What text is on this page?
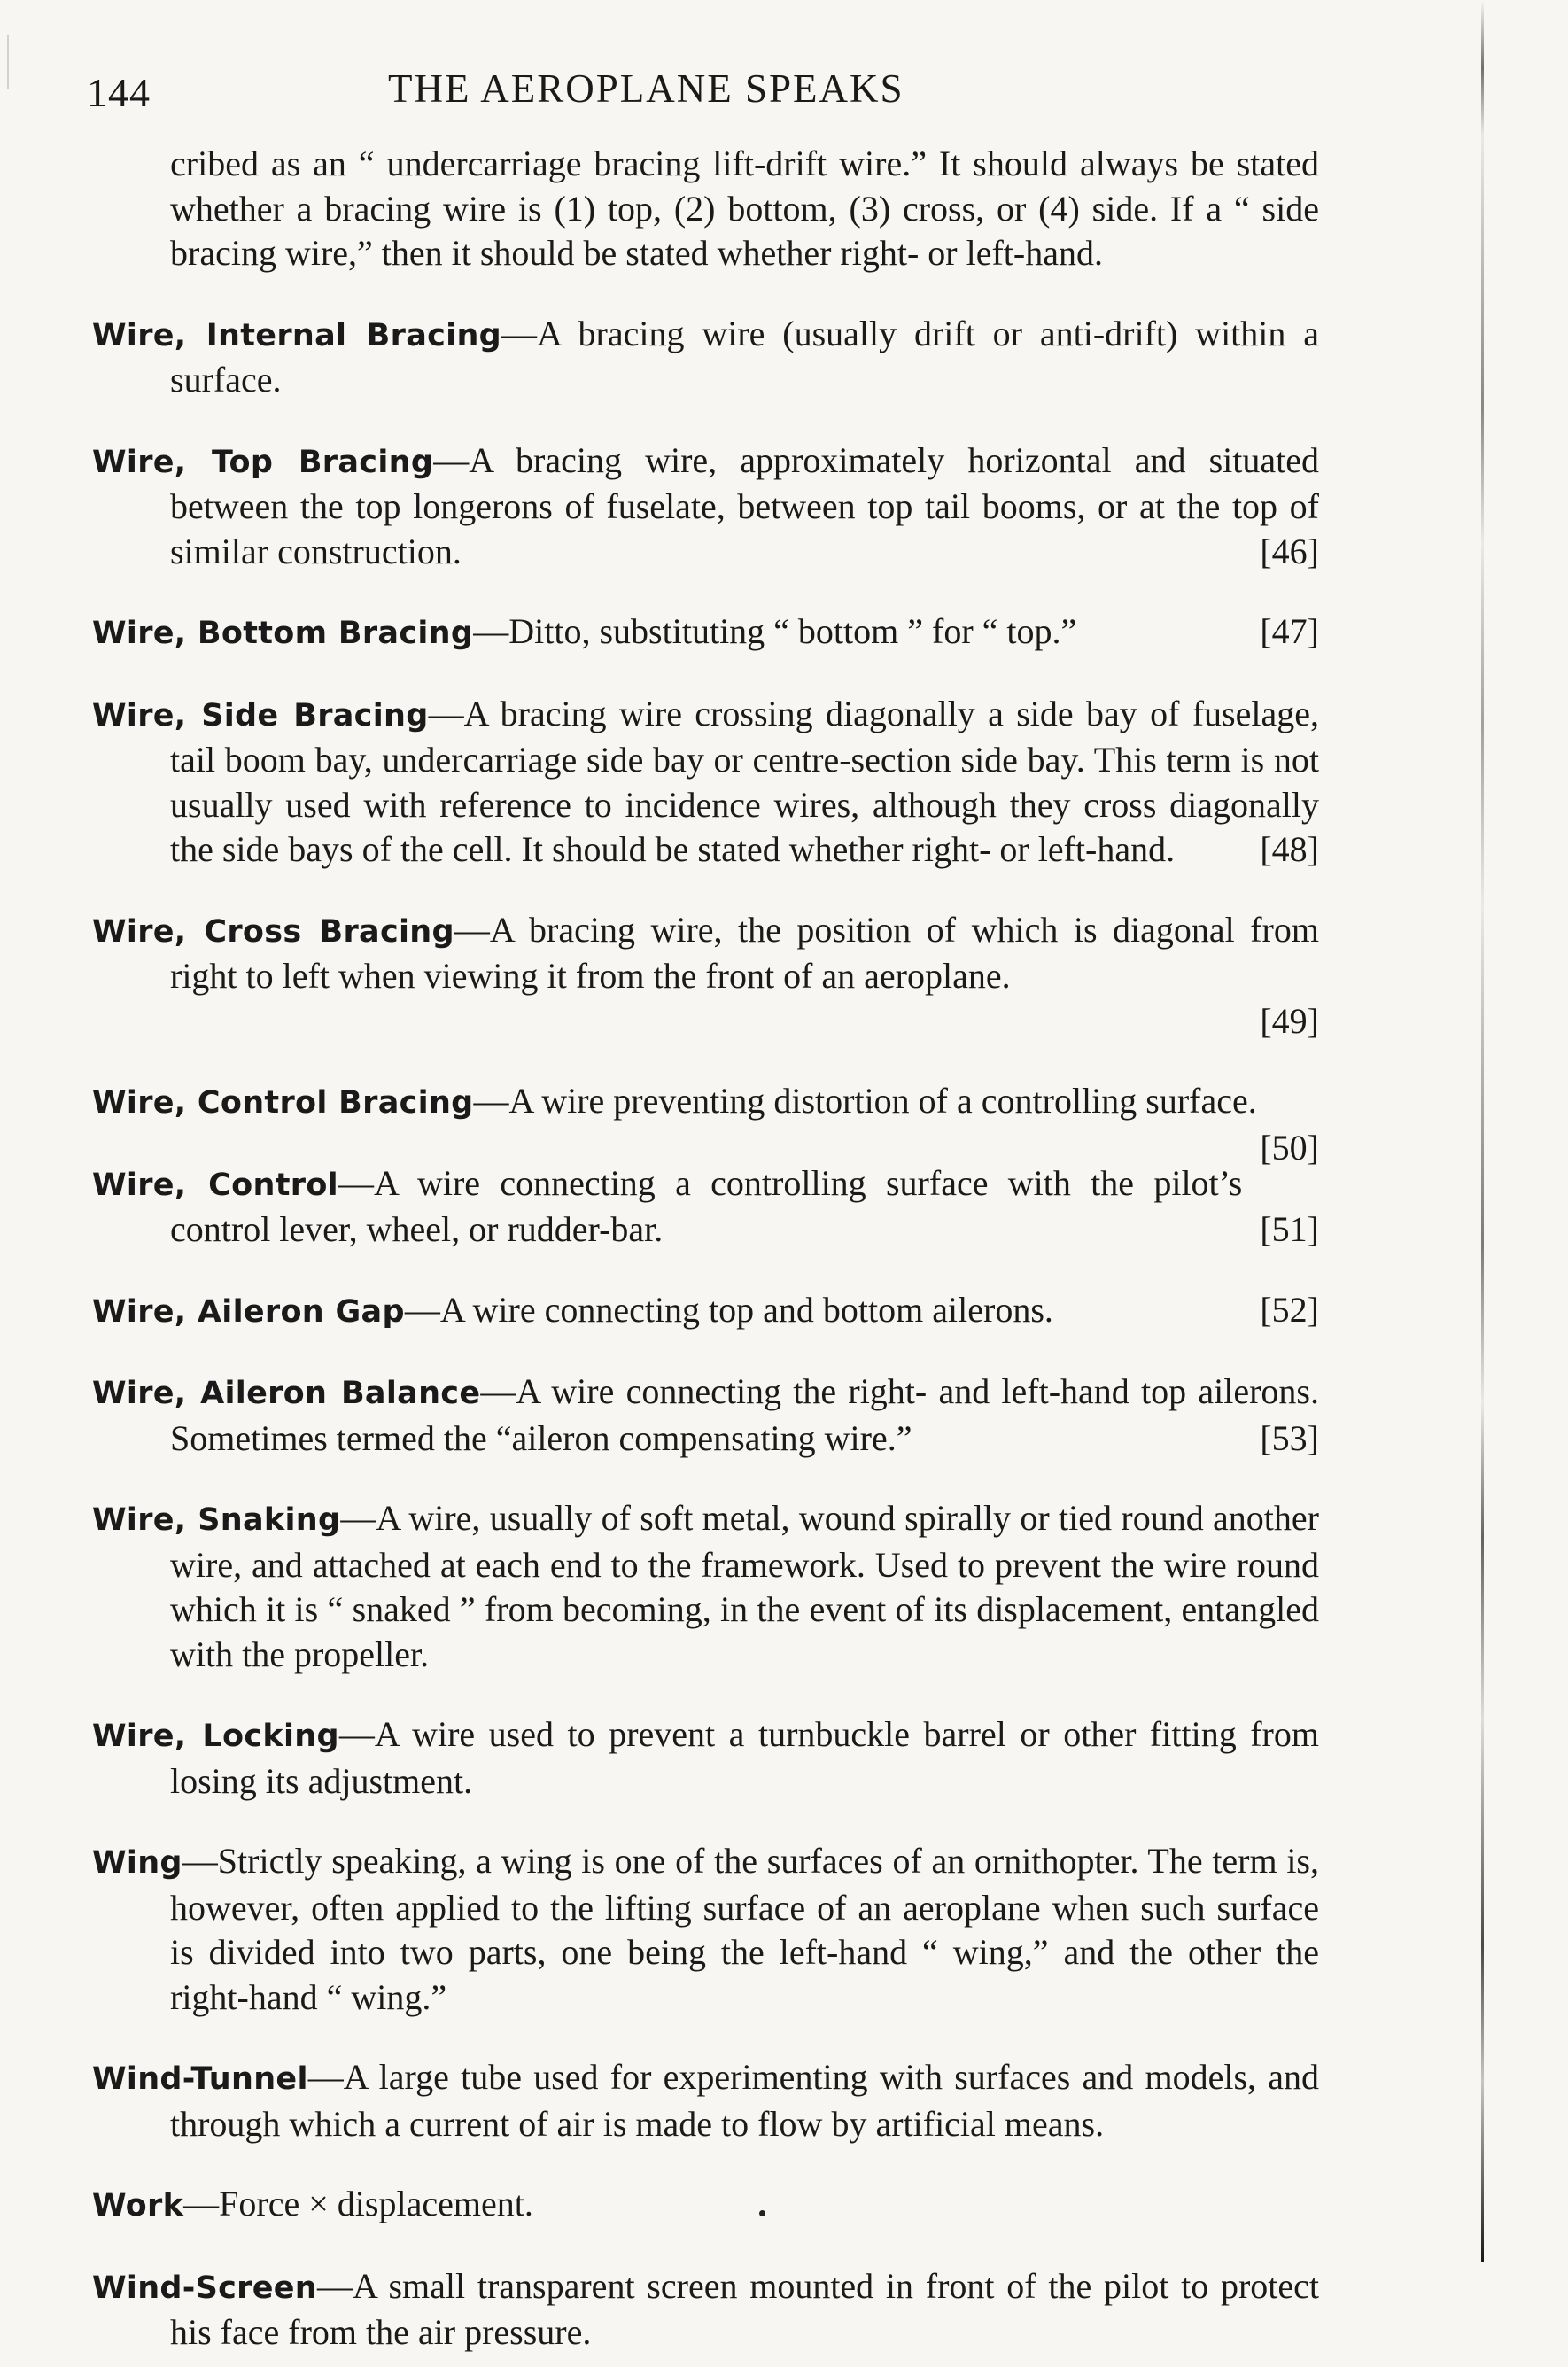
144	THE AEROPLANE SPEAKS

cribed as an “ undercarriage bracing lift-drift wire.” It should always be stated whether a bracing wire is (1) top, (2) bottom, (3) cross, or (4) side. If a “ side bracing wire,” then it should be stated whether right- or left-hand.

Wire, Internal Bracing—A bracing wire (usually drift or anti-drift) within a surface.

Wire, Top Bracing—A bracing wire, approximately horizontal and situated between the top longerons of fuselate, between top tail booms, or at the top of similar construction.	[46]

[47]
Wire, Bottom Bracing—Ditto, substituting “ bottom ” for “ top.”

Wire, Side Bracing—A bracing wire crossing diagonally a side bay of fuselage, tail boom bay, undercarriage side bay or centre-section side bay. This term is not usually used with reference to incidence wires, although they cross diagonally the side bays of the cell. It should be stated whether right- or left-hand. [48]

Wire, Cross Bracing—A bracing wire, the position of which is diagonal from right to left when viewing it from the front of an aeroplane.
[49]

Wire, Control Bracing—A wire preventing distortion of a controlling surface.
[50]

Wire, Control—A wire connecting a controlling surface with the pilot’s control lever, wheel, or rudder-bar.	[51]

[52]
Wire, Aileron Gap—A wire connecting top and bottom ailerons.

Wire, Aileron Balance—A wire connecting the right- and left-hand top ailerons. Sometimes termed the “aileron compensating wire.”	[53]

Wire, Snaking—A wire, usually of soft metal, wound spirally or tied round another wire, and attached at each end to the framework. Used to prevent the wire round which it is “ snaked ” from becoming, in the event of its displacement, entangled with the propeller.

Wire, Locking—A wire used to prevent a turnbuckle barrel or other fitting from losing its adjustment.

Wing—Strictly speaking, a wing is one of the surfaces of an ornithopter. The term is, however, often applied to the lifting surface of an aeroplane when such surface is divided into two parts, one being the left-hand “ wing,” and the other the right-hand “ wing.”

Wind-Tunnel—A large tube used for experimenting with surfaces and models, and through which a current of air is made to flow by artificial means.

Work—Force × displacement.

Wind-Screen—A small transparent screen mounted in front of the pilot to protect his face from the air pressure.
